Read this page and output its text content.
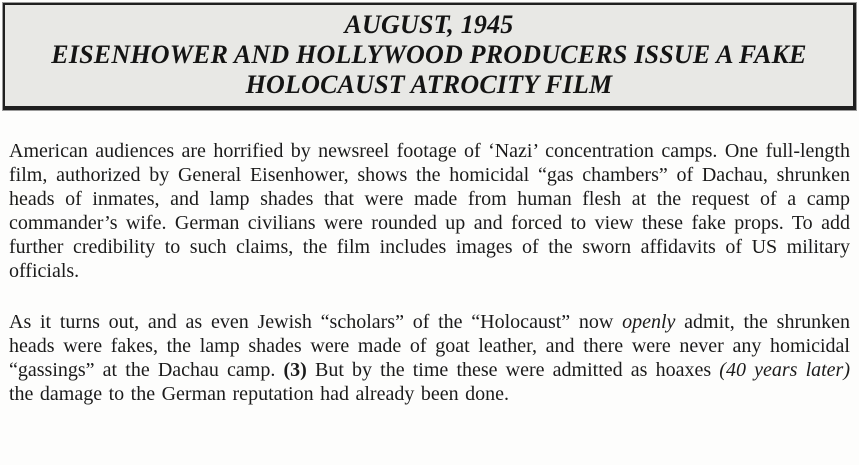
AUGUST, 1945
EISENHOWER AND HOLLYWOOD PRODUCERS ISSUE A FAKE
HOLOCAUST ATROCITY FILM

American audiences are horrified by newsreel footage of ‘Nazi’ concentration camps. One full-length film, authorized by General Eisenhower, shows the homicidal “gas chambers” of Dachau, shrunken heads of inmates, and lamp shades that were made from human flesh at the request of a camp commander’s wife. German civilians were rounded up and forced to view these fake props. To add further credibility to such claims, the film includes images of the sworn affidavits of US military officials.

As it turns out, and as even Jewish “scholars” of the “Holocaust” now openly admit, the shrunken heads were fakes, the lamp shades were made of goat leather, and there were never any homicidal “gassings” at the Dachau camp. (3) But by the time these were admitted as hoaxes (40 years later) the damage to the German reputation had already been done.
